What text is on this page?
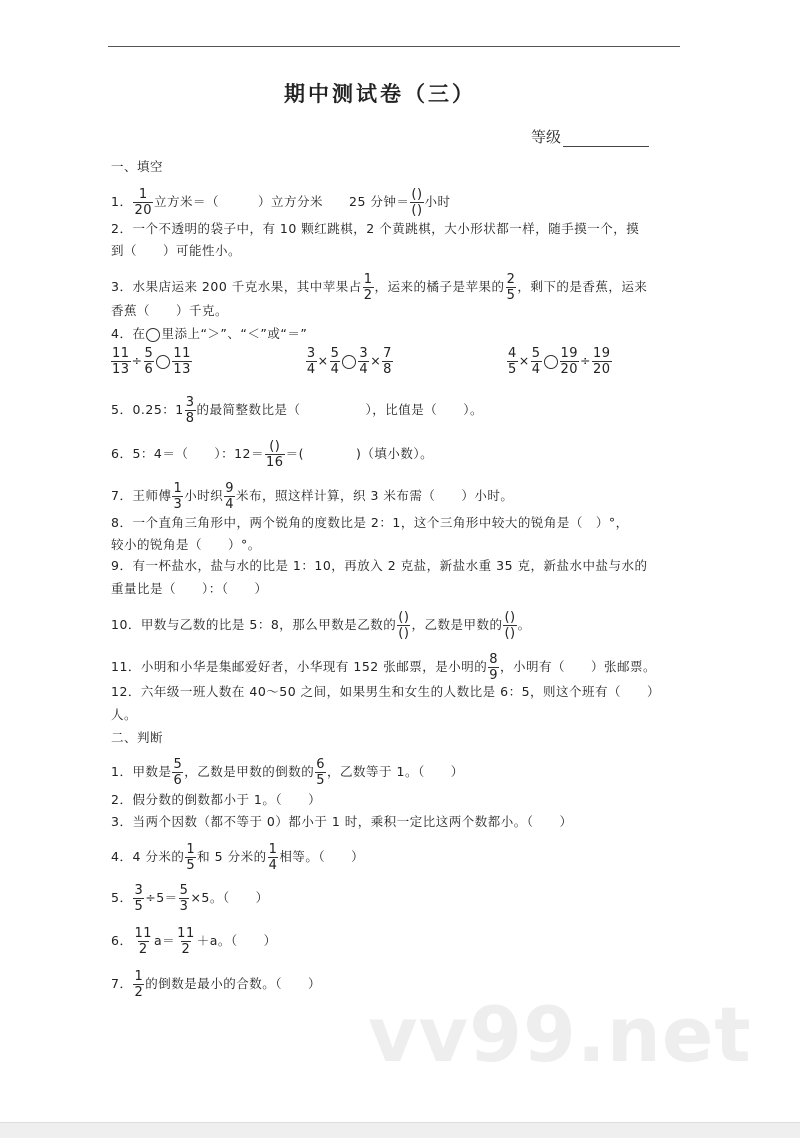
期中测试卷（三）
等级
一、填空
1． $\frac{1}{20}$ 立方米＝（　　　）立方分米　　25 分钟＝ $\frac{()}{()}$ 小时
2．一个不透明的袋子中，有 10 颗红跳棋，2 个黄跳棋，大小形状都一样，随手摸一个，摸
到（　　）可能性小。
3．水果店运来 200 千克水果，其中苹果占 $\frac{1}{2}$ ，运来的橘子是苹果的 $\frac{2}{5}$ ，剩下的是香蕉，运来
香蕉（　　）千克。
4．在 里添上“＞”、“＜”或“＝”
$\frac{11}{13} \div \frac{5}{6} \frac{11}{13}$	$\frac{3}{4} \times \frac{5}{4} \frac{3}{4} \times \frac{7}{8}$	$\frac{4}{5} \times \frac{5}{4} \frac{19}{20} \div \frac{19}{20}$
5．0.25：$1 \frac{3}{8}$ 的最简整数比是（　　　　　），比值是（　　）。
6．5：4＝（　　）：$12= \frac{()}{16}$ ＝(　　　　)（填小数）。
7．王师傅 $\frac{1}{3}$ 小时织 $\frac{9}{4}$ 米布，照这样计算，织 3 米布需（　　）小时。
8．一个直角三角形中，两个锐角的度数比是 2：1，这个三角形中较大的锐角是（　）°，
较小的锐角是（　　）°。
9．有一杯盐水，盐与水的比是 1：10，再放入 2 克盐，新盐水重 35 克，新盐水中盐与水的
重量比是（　　）：（　　）
10．甲数与乙数的比是 5：8，那么甲数是乙数的 $\frac{()}{()}$ ，乙数是甲数的 $\frac{()}{()}$ 。
11．小明和小华是集邮爱好者，小华现有 152 张邮票，是小明的 $\frac{8}{9}$ ，小明有（　　）张邮票。
12．六年级一班人数在 40～50 之间，如果男生和女生的人数比是 6：5，则这个班有（　　）
人。
二、判断
1．甲数是 $\frac{5}{6}$ ，乙数是甲数的倒数的 $\frac{6}{5}$ ，乙数等于 1。（　　）
2．假分数的倒数都小于 1。（　　）
3．当两个因数（都不等于 0）都小于 1 时，乘积一定比这两个数都小。（　　）
4．4 分米的 $\frac{1}{5}$ 和 5 分米的 $\frac{1}{4}$ 相等。（　　）
5． $\frac{3}{5} \div 5= \frac{5}{3} \times 5$。（　　）
6． $\frac{11}{2} a= \frac{11}{2} +a$。（　　）
7． $\frac{1}{2}$ 的倒数是最小的合数。（　　）
vv99.net
